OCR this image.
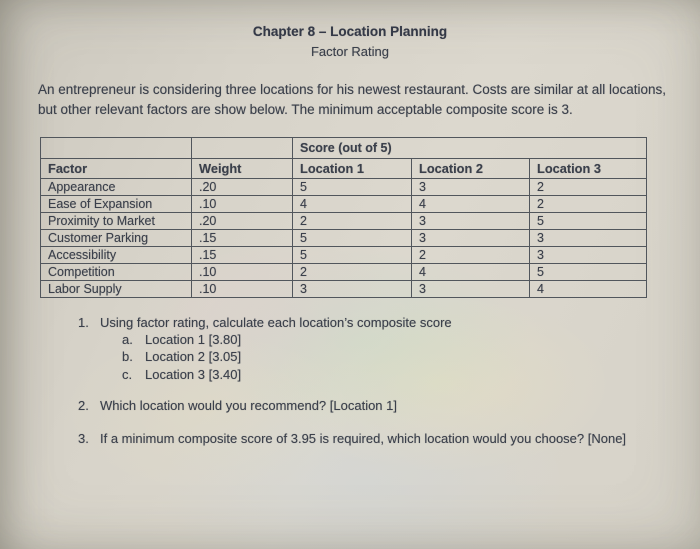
Chapter 8 – Location Planning
Factor Rating
An entrepreneur is considering three locations for his newest restaurant. Costs are similar at all locations, but other relevant factors are show below. The minimum acceptable composite score is 3.
		Score (out of 5)		
Factor	Weight	Location 1	Location 2	Location 3
Appearance	.20	5	3	2
Ease of Expansion	.10	4	4	2
Proximity to Market	.20	2	3	5
Customer Parking	.15	5	3	3
Accessibility	.15	5	2	3
Competition	.10	2	4	5
Labor Supply	.10	3	3	4
1. Using factor rating, calculate each location’s composite score
a. Location 1 [3.80]
b. Location 2 [3.05]
c. Location 3 [3.40]
2. Which location would you recommend? [Location 1]
3. If a minimum composite score of 3.95 is required, which location would you choose? [None]
